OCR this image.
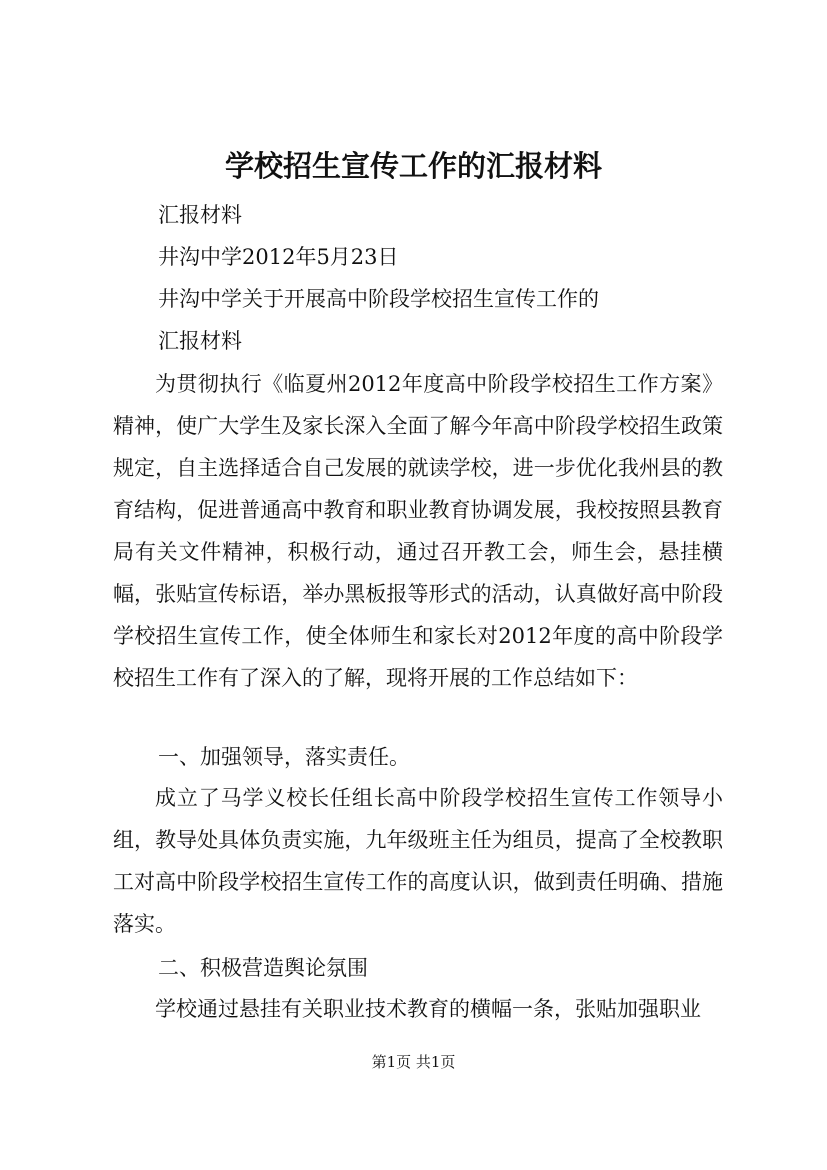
学校招生宣传工作的汇报材料
汇报材料
井沟中学2012年5月23日
井沟中学关于开展高中阶段学校招生宣传工作的
汇报材料

为贯彻执行《临夏州2012年度高中阶段学校招生工作方案》精神，使广大学生及家长深入全面了解今年高中阶段学校招生政策规定，自主选择适合自己发展的就读学校，进一步优化我州县的教育结构，促进普通高中教育和职业教育协调发展，我校按照县教育局有关文件精神，积极行动，通过召开教工会，师生会，悬挂横幅，张贴宣传标语，举办黑板报等形式的活动，认真做好高中阶段学校招生宣传工作，使全体师生和家长对2012年度的高中阶段学校招生工作有了深入的了解，现将开展的工作总结如下：

一、加强领导，落实责任。

成立了马学义校长任组长高中阶段学校招生宣传工作领导小组，教导处具体负责实施，九年级班主任为组员，提高了全校教职工对高中阶段学校招生宣传工作的高度认识，做到责任明确、措施落实。

二、积极营造舆论氛围

学校通过悬挂有关职业技术教育的横幅一条，张贴加强职业

第1页 共1页
